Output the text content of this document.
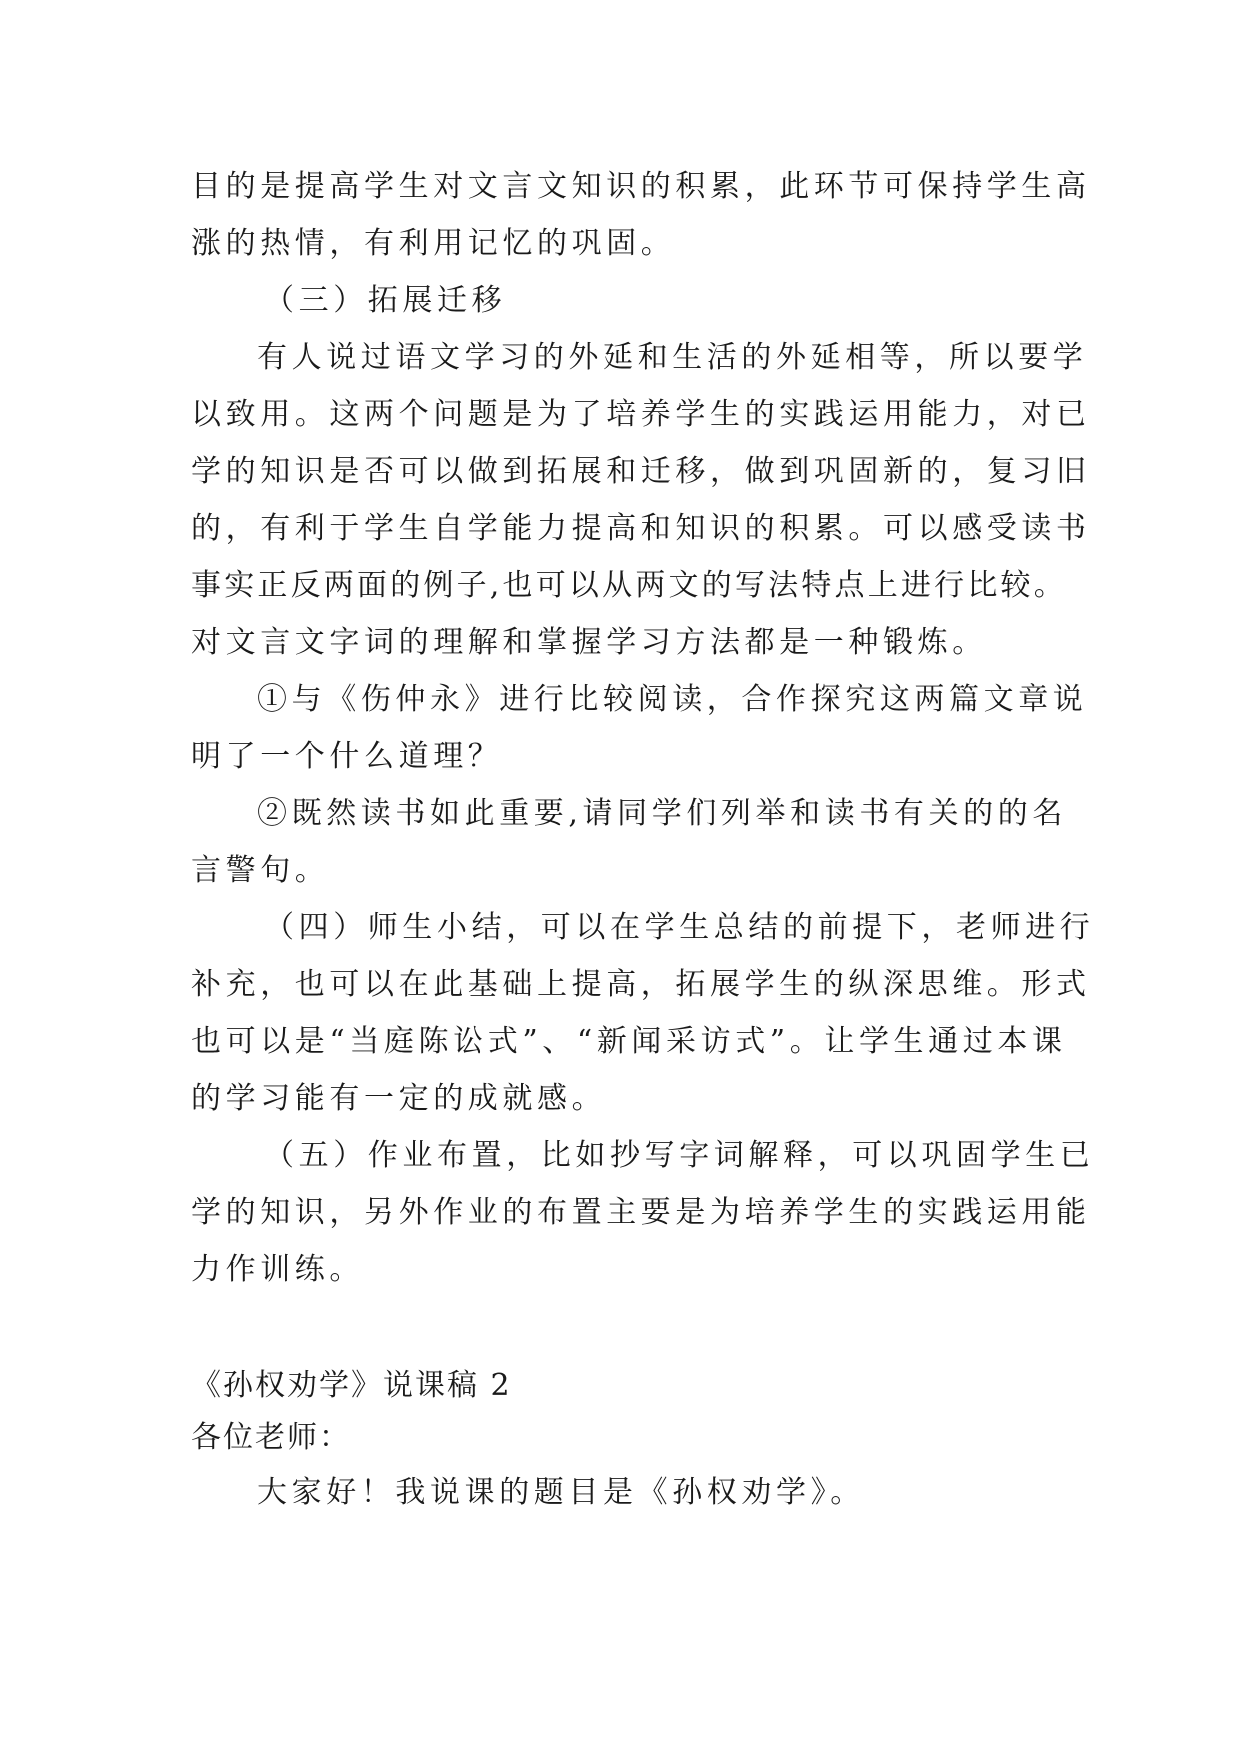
目的是提高学生对文言文知识的积累，此环节可保持学生高
涨的热情，有利用记忆的巩固。
（三）拓展迁移
有人说过语文学习的外延和生活的外延相等，所以要学
以致用。这两个问题是为了培养学生的实践运用能力，对已
学的知识是否可以做到拓展和迁移，做到巩固新的，复习旧
的，有利于学生自学能力提高和知识的积累。可以感受读书
事实正反两面的例子,也可以从两文的写法特点上进行比较。
对文言文字词的理解和掌握学习方法都是一种锻炼。
①与《伤仲永》进行比较阅读，合作探究这两篇文章说
明了一个什么道理？
②既然读书如此重要,请同学们列举和读书有关的的名
言警句。
（四）师生小结，可以在学生总结的前提下，老师进行
补充，也可以在此基础上提高，拓展学生的纵深思维。形式
也可以是“当庭陈讼式”、“新闻采访式”。让学生通过本课
的学习能有一定的成就感。
（五）作业布置，比如抄写字词解释，可以巩固学生已
学的知识，另外作业的布置主要是为培养学生的实践运用能
力作训练。
《孙权劝学》说课稿 2
各位老师：
大家好！我说课的题目是《孙权劝学》。
